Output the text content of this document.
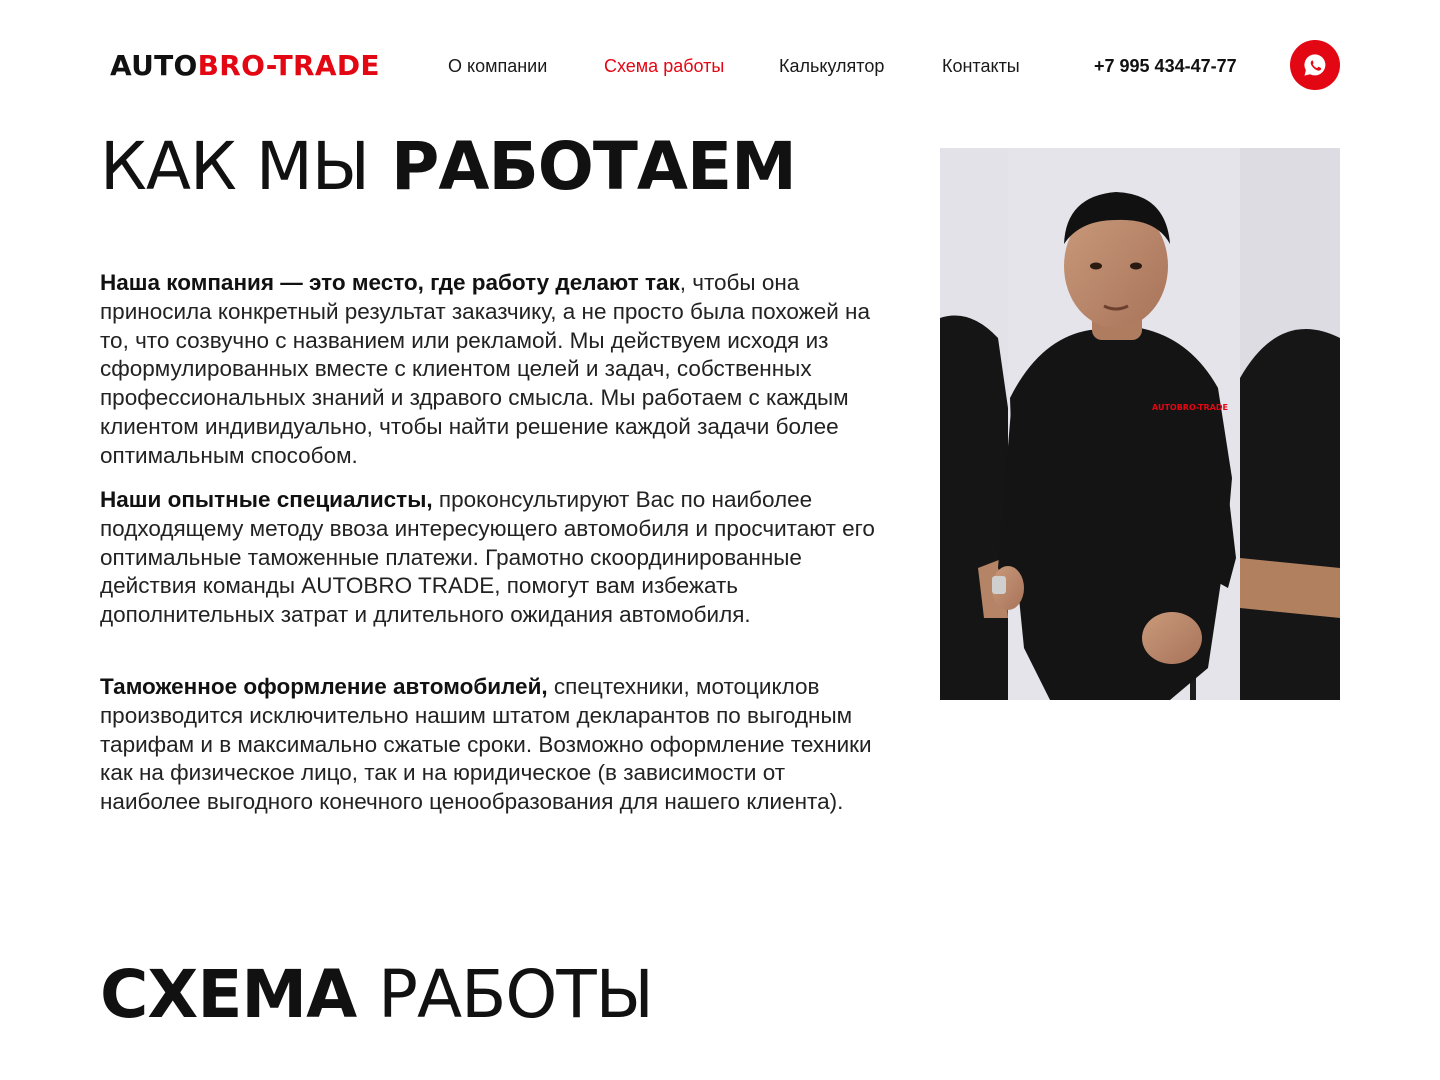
AUTOBRO-TRADE	О компании	Схема работы	Калькулятор	Контакты	+7 995 434-47-77
КАК МЫ РАБОТАЕМ

Наша компания — это место, где работу делают так, чтобы она приносила конкретный результат заказчику, а не просто была похожей на то, что созвучно с названием или рекламой. Мы действуем исходя из сформулированных вместе с клиентом целей и задач, собственных профессиональных знаний и здравого смысла. Мы работаем с каждым клиентом индивидуально, чтобы найти решение каждой задачи более оптимальным способом.

Наши опытные специалисты, проконсультируют Вас по наиболее подходящему методу ввоза интересующего автомобиля и просчитают его оптимальные таможенные платежи. Грамотно скоординированные действия команды AUTOBRO TRADE, помогут вам избежать дополнительных затрат и длительного ожидания автомобиля.

Таможенное оформление автомобилей, спецтехники, мотоциклов производится исключительно нашим штатом декларантов по выгодным тарифам и в максимально сжатые сроки. Возможно оформление техники как на физическое лицо, так и на юридическое (в зависимости от наиболее выгодного конечного ценообразования для нашего клиента).

AUTOBRO-TRADE
СХЕМА РАБОТЫ
